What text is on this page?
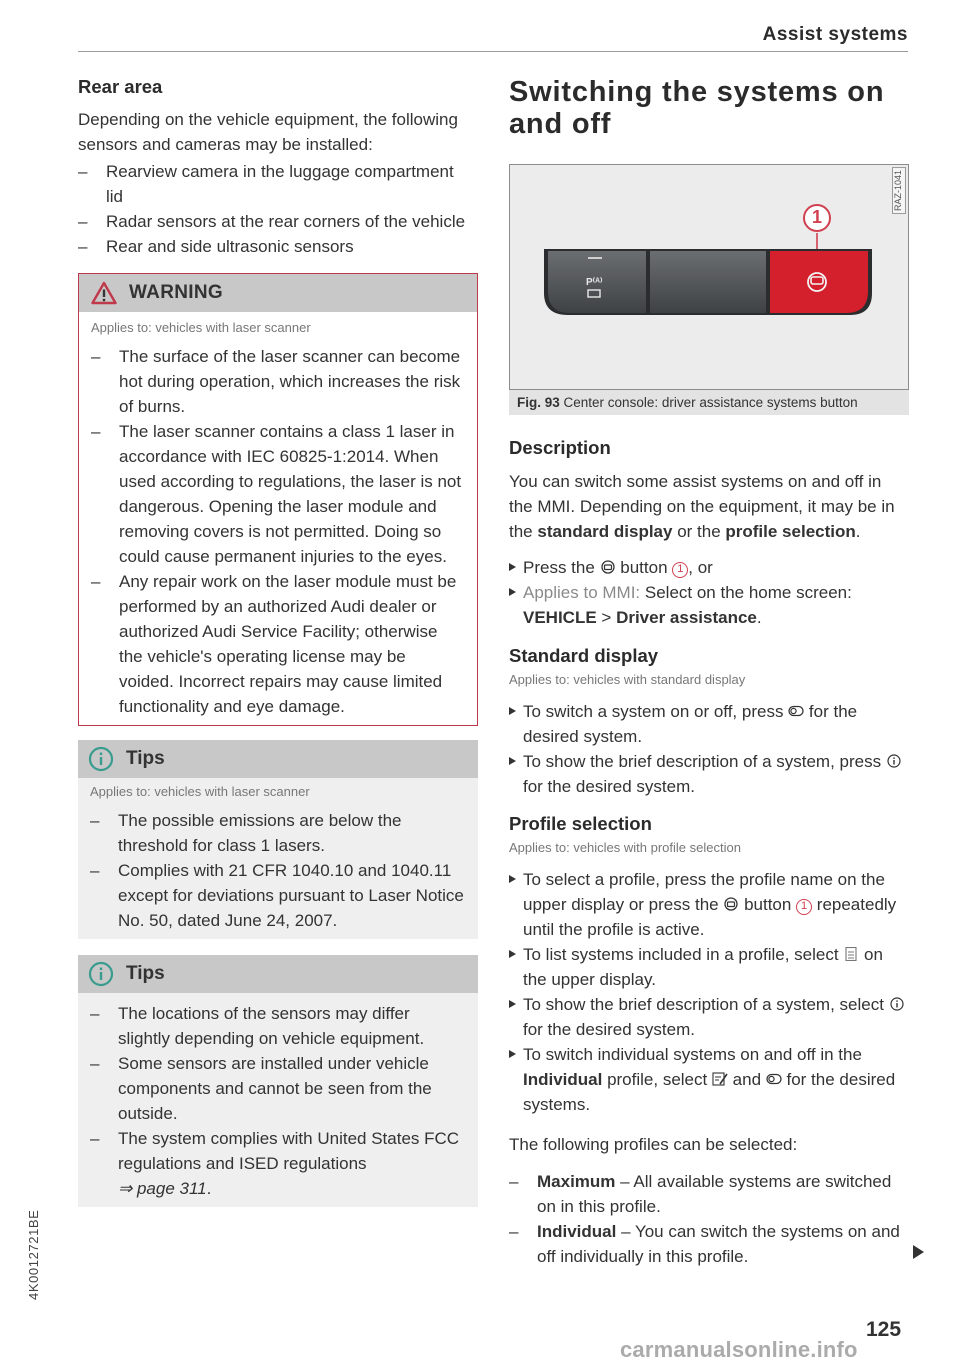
Assist systems
Rear area
Depending on the vehicle equipment, the following sensors and cameras may be installed:
– Rearview camera in the luggage compartment lid
– Radar sensors at the rear corners of the vehicle
– Rear and side ultrasonic sensors
WARNING
Applies to: vehicles with laser scanner
– The surface of the laser scanner can become hot during operation, which increases the risk of burns.
– The laser scanner contains a class 1 laser in accordance with IEC 60825-1:2014. When used according to regulations, the laser is not dangerous. Opening the laser module and removing covers is not permitted. Doing so could cause permanent injuries to the eyes.
– Any repair work on the laser module must be performed by an authorized Audi dealer or authorized Audi Service Facility; otherwise the vehicle's operating license may be voided. Incorrect repairs may cause limited functionality and eye damage.
Tips
Applies to: vehicles with laser scanner
– The possible emissions are below the threshold for class 1 lasers.
– Complies with 21 CFR 1040.10 and 1040.11 except for deviations pursuant to Laser Notice No. 50, dated June 24, 2007.
Tips
– The locations of the sensors may differ slightly depending on vehicle equipment.
– Some sensors are installed under vehicle components and cannot be seen from the outside.
– The system complies with United States FCC regulations and ISED regulations
⇒ page 311.
Switching the systems on and off
P⁽ᴬ⁾
1
RAZ-1041
Fig. 93 Center console: driver assistance systems button
Description
You can switch some assist systems on and off in the MMI. Depending on the equipment, it may be in the standard display or the profile selection.
Press the  button 1 , or
Applies to MMI: Select on the home screen: VEHICLE > Driver assistance.
Standard display
Applies to: vehicles with standard display
To switch a system on or off, press  for the desired system.
To show the brief description of a system, press  for the desired system.
Profile selection
Applies to: vehicles with profile selection
To select a profile, press the profile name on the upper display or press the  button 1 repeatedly until the profile is active.
To list systems included in a profile, select  on the upper display.
To show the brief description of a system, select  for the desired system.
To switch individual systems on and off in the Individual profile, select  and  for the desired systems.
The following profiles can be selected:
– Maximum – All available systems are switched on in this profile.
– Individual – You can switch the systems on and off individually in this profile.
4K0012721BE
125
carmanualsonline.info
